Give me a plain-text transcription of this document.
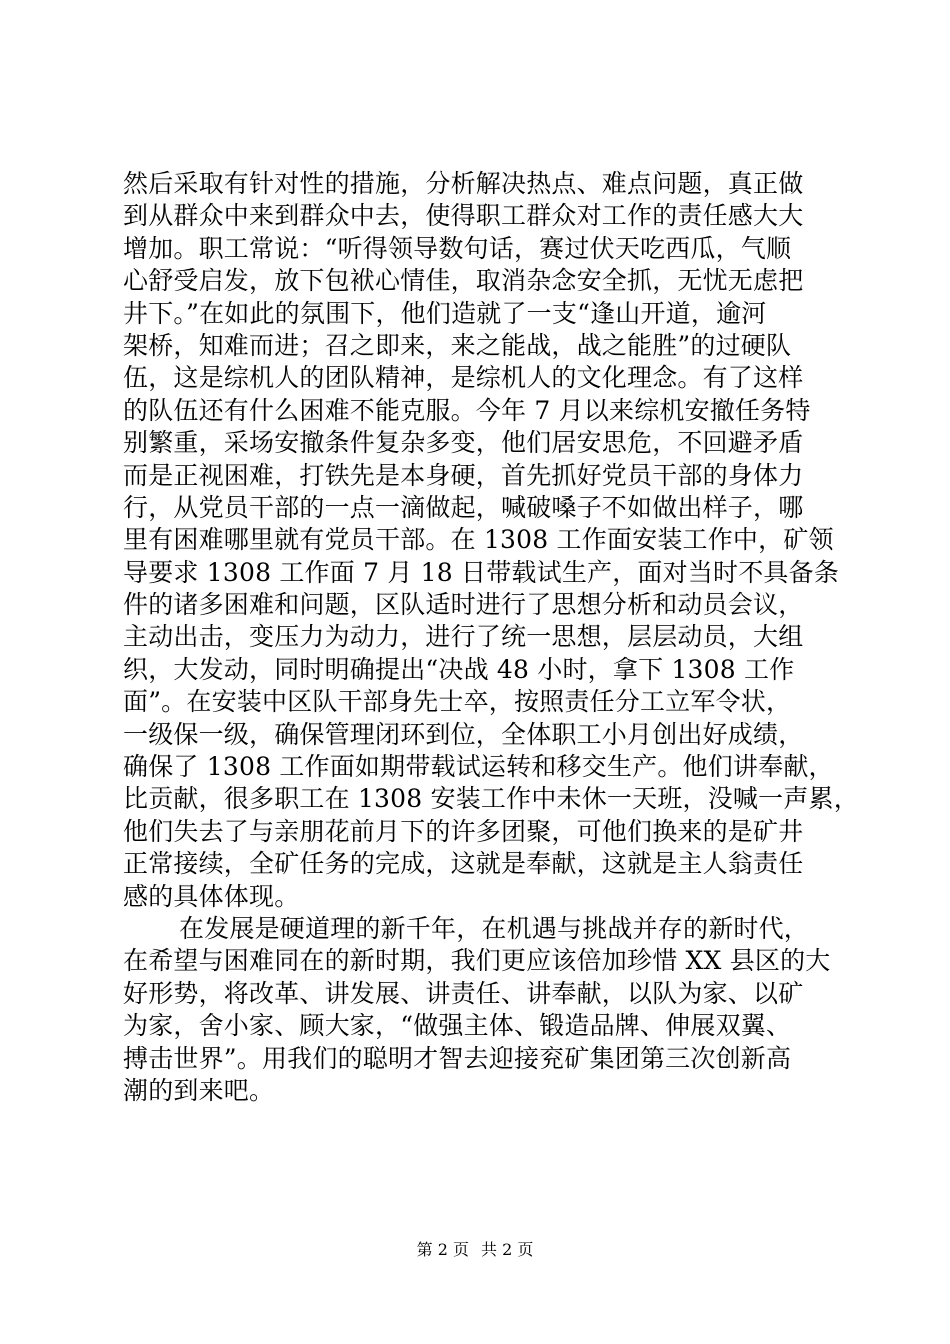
然后采取有针对性的措施，分析解决热点、难点问题，真正做
到从群众中来到群众中去，使得职工群众对工作的责任感大大
增加。职工常说：“听得领导数句话，赛过伏天吃西瓜，气顺
心舒受启发，放下包袱心情佳，取消杂念安全抓，无忧无虑把
井下。”在如此的氛围下，他们造就了一支“逢山开道，逾河
架桥，知难而进；召之即来，来之能战，战之能胜”的过硬队
伍，这是综机人的团队精神，是综机人的文化理念。有了这样
的队伍还有什么困难不能克服。今年 7 月以来综机安撤任务特
别繁重，采场安撤条件复杂多变，他们居安思危，不回避矛盾
而是正视困难，打铁先是本身硬，首先抓好党员干部的身体力
行，从党员干部的一点一滴做起，喊破嗓子不如做出样子，哪
里有困难哪里就有党员干部。在 1308 工作面安装工作中，矿领
导要求 1308 工作面 7 月 18 日带载试生产，面对当时不具备条
件的诸多困难和问题，区队适时进行了思想分析和动员会议，
主动出击，变压力为动力，进行了统一思想，层层动员，大组
织，大发动，同时明确提出“决战 48 小时，拿下 1308 工作
面”。在安装中区队干部身先士卒，按照责任分工立军令状，
一级保一级，确保管理闭环到位，全体职工小月创出好成绩，
确保了 1308 工作面如期带载试运转和移交生产。他们讲奉献，
比贡献，很多职工在 1308 安装工作中未休一天班，没喊一声累，
他们失去了与亲朋花前月下的许多团聚，可他们换来的是矿井
正常接续，全矿任务的完成，这就是奉献，这就是主人翁责任
感的具体体现。
在发展是硬道理的新千年，在机遇与挑战并存的新时代，
在希望与困难同在的新时期，我们更应该倍加珍惜 XX 县区的大
好形势，将改革、讲发展、讲责任、讲奉献，以队为家、以矿
为家，舍小家、顾大家，“做强主体、锻造品牌、伸展双翼、
搏击世界”。用我们的聪明才智去迎接兖矿集团第三次创新高
潮的到来吧。
第 2 页 共 2 页
